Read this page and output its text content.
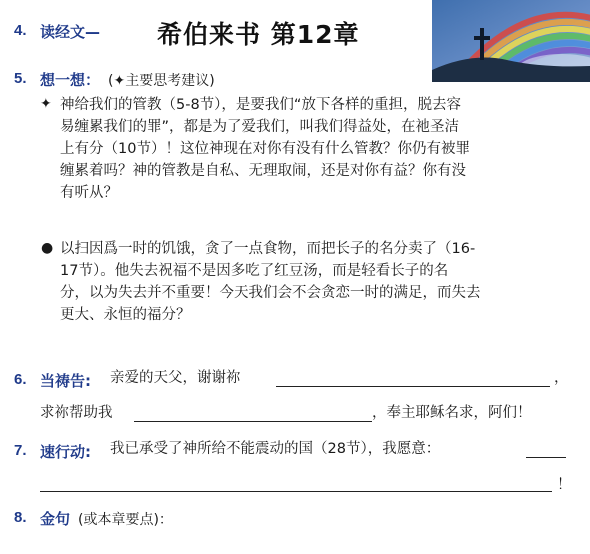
4. 读经文— 希伯来书 第12章
5. 想一想： (✦主要思考建议)
✦ 神给我们的管教（5-8节），是要我们“放下各样的重担，脱去容
易缠累我们的罪”，都是为了爱我们，叫我们得益处，在祂圣洁
上有分（10节）！这位神现在对你有没有什么管教？你仍有被罪
缠累着吗？神的管教是自私、无理取闹，还是对你有益？你有没
有听从？
● 以扫因爲一时的饥饿，贪了一点食物，而把长子的名分卖了（16-
17节）。他失去祝福不是因多吃了红豆汤，而是轻看长子的名
分，以为失去并不重要！今天我们会不会贪恋一时的满足，而失去
更大、永恒的福分？
6. 当祷告: 亲爱的天父，谢谢祢	，
求祢帮助我	，奉主耶稣名求，阿们！
7. 速行动: 我已承受了神所给不能震动的国（28节），我愿意：
！
8. 金句 (或本章要点)：
